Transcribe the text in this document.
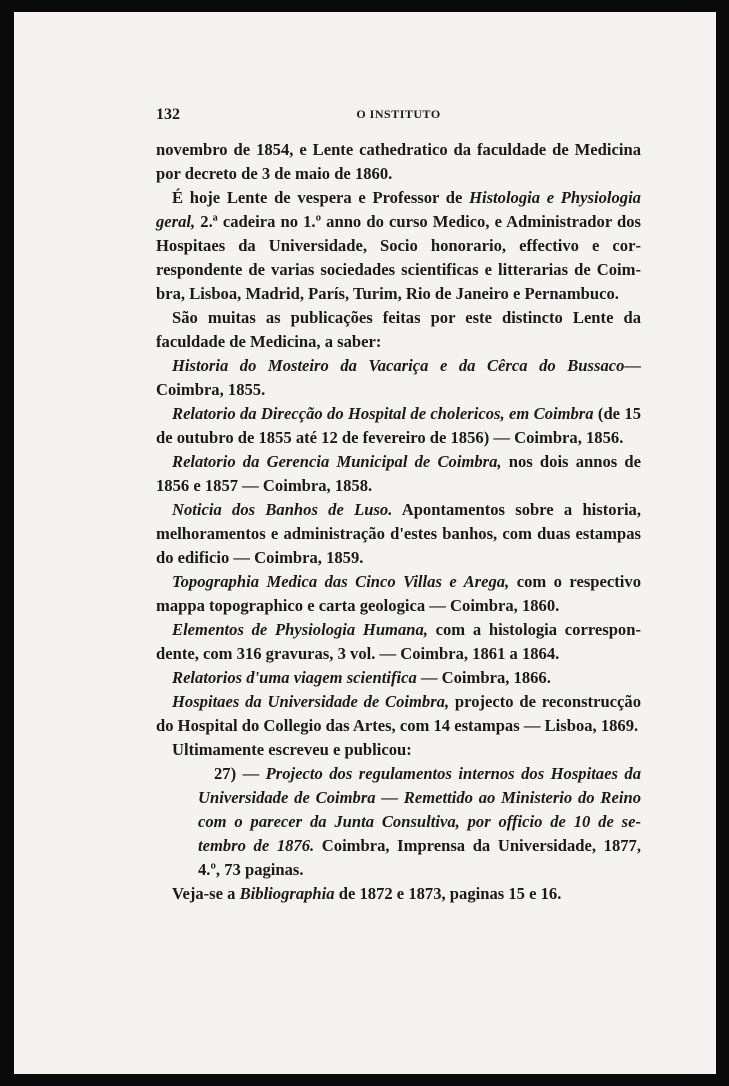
132	O INSTITUTO

novembro de 1854, e Lente cathedratico da faculdade de Medicina por decreto de 3 de maio de 1860.

É hoje Lente de vespera e Professor de Histologia e Physiologia geral, 2.ª cadeira no 1.º anno do curso Medico, e Administrador dos Hospitaes da Universidade, Socio honorario, effectivo e correspondente de varias sociedades scientificas e litterarias de Coimbra, Lisboa, Madrid, París, Turim, Rio de Janeiro e Pernambuco.

São muitas as publicações feitas por este distincto Lente da faculdade de Medicina, a saber:

Historia do Mosteiro da Vacariça e da Cêrca do Bussaco— Coimbra, 1855.

Relatorio da Direcção do Hospital de cholericos, em Coimbra (de 15 de outubro de 1855 até 12 de fevereiro de 1856) — Coimbra, 1856.

Relatorio da Gerencia Municipal de Coimbra, nos dois annos de 1856 e 1857 — Coimbra, 1858.

Noticia dos Banhos de Luso. Apontamentos sobre a historia, melhoramentos e administração d'estes banhos, com duas estampas do edificio — Coimbra, 1859.

Topographia Medica das Cinco Villas e Arega, com o respectivo mappa topographico e carta geologica — Coimbra, 1860.

Elementos de Physiologia Humana, com a histologia correspondente, com 316 gravuras, 3 vol. — Coimbra, 1861 a 1864.

Relatorios d'uma viagem scientifica — Coimbra, 1866.

Hospitaes da Universidade de Coimbra, projecto de reconstrucção do Hospital do Collegio das Artes, com 14 estampas — Lisboa, 1869.

Ultimamente escreveu e publicou:

27) — Projecto dos regulamentos internos dos Hospitaes da Universidade de Coimbra — Remettido ao Ministerio do Reino com o parecer da Junta Consultiva, por officio de 10 de setembro de 1876. Coimbra, Imprensa da Universidade, 1877, 4.º, 73 paginas.

Veja-se a Bibliographia de 1872 e 1873, paginas 15 e 16.
